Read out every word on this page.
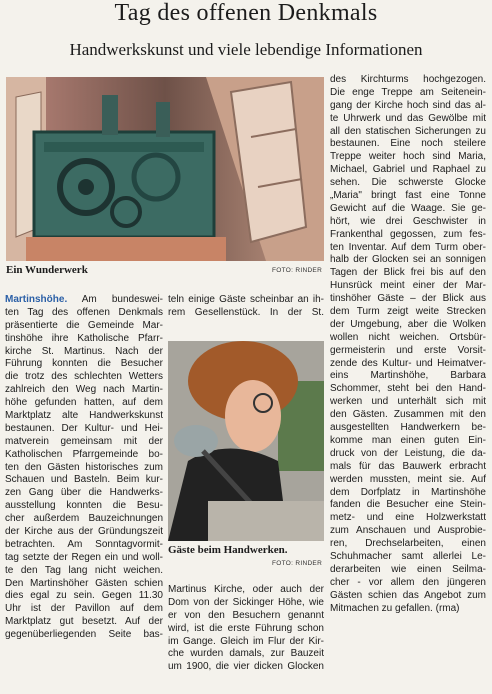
Tag des offenen Denkmals
Handwerkskunst und viele lebendige Informationen
Ein Wunderwerk	FOTO: RINDER
Gäste beim Handwerken.
FOTO: RINDER
Martinshöhe. Am bundeswei-
ten Tag des offenen Denkmals
präsentierte die Gemeinde Mar-
tinshöhe ihre Katholische Pfarr-
kirche St. Martinus. Nach der
Führung konnten die Besucher
die trotz des schlechten Wetters
zahlreich den Weg nach Martin-
höhe gefunden hatten, auf dem
Marktplatz alte Handwerkskunst
bestaunen. Der Kultur- und Hei-
matverein gemeinsam mit der
Katholischen Pfarrgemeinde bo-
ten den Gästen historisches zum
Schauen und Basteln. Beim kur-
zen Gang über die Handwerks-
ausstellung konnten die Besu-
cher außerdem Bauzeichnungen
der Kirche aus der Gründungszeit
betrachten. Am Sonntagvormit-
tag setzte der Regen ein und woll-
te den Tag lang nicht weichen.
Den Martinshöher Gästen schien
dies egal zu sein. Gegen 11.30
Uhr ist der Pavillon auf dem
Marktplatz gut besetzt. Auf der
gegenüberliegenden Seite bas-
teln einige Gäste scheinbar an ih-
rem Gesellenstück. In der St.
Martinus Kirche, oder auch der
Dom von der Sickinger Höhe, wie
er von den Besuchern genannt
wird, ist die erste Führung schon
im Gange. Gleich im Flur der Kir-
che wurden damals, zur Bauzeit
um 1900, die vier dicken Glocken
des Kirchturms hochgezogen.
Die enge Treppe am Seitenein-
gang der Kirche hoch sind das al-
te Uhrwerk und das Gewölbe mit
all den statischen Sicherungen zu
bestaunen. Eine noch steilere
Treppe weiter hoch sind Maria,
Michael, Gabriel und Raphael zu
sehen. Die schwerste Glocke
„Maria" bringt fast eine Tonne
Gewicht auf die Waage. Sie ge-
hört, wie drei Geschwister in
Frankenthal gegossen, zum fes-
ten Inventar. Auf dem Turm ober-
halb der Glocken sei an sonnigen
Tagen der Blick frei bis auf den
Hunsrück meint einer der Mar-
tinshöher Gäste – der Blick aus
dem Turm zeigt weite Strecken
der Umgebung, aber die Wolken
wollen nicht weichen. Ortsbür-
germeisterin und erste Vorsit-
zende des Kultur- und Heimatver-
eins Martinshöhe, Barbara
Schommer, steht bei den Hand-
werken und unterhält sich mit
den Gästen. Zusammen mit den
ausgestellten Handwerkern be-
komme man einen guten Ein-
druck von der Leistung, die da-
mals für das Bauwerk erbracht
werden mussten, meint sie. Auf
dem Dorfplatz in Martinshöhe
fanden die Besucher eine Stein-
metz- und eine Holzwerkstatt
zum Anschauen und Ausprobie-
ren, Drechselarbeiten, einen
Schuhmacher samt allerlei Le-
derarbeiten wie einen Seilma-
cher - vor allem den jüngeren
Gästen schien das Angebot zum
Mitmachen zu gefallen. (rma)
